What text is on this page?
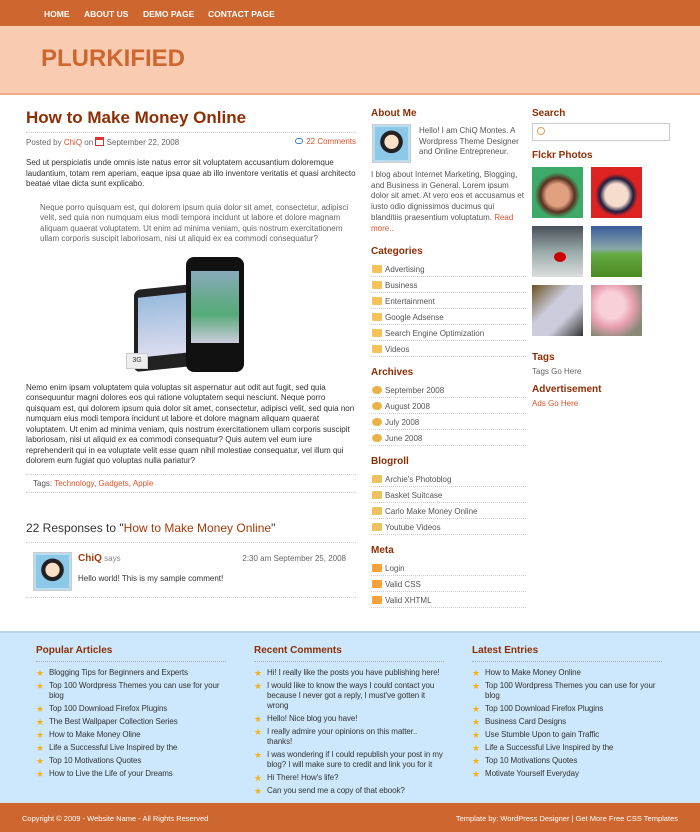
HOME ABOUT US DEMO PAGE CONTACT PAGE
PLURKIFIED
How to Make Money Online
Posted by ChiQ on September 22, 2008	22 Comments

Sed ut perspiciatis unde omnis iste natus error sit voluptatem accusantium doloremque laudantium, totam rem aperiam, eaque ipsa quae ab illo inventore veritatis et quasi architecto beatae vitae dicta sunt explicabo.

Neque porro quisquam est, qui dolorem ipsum quia dolor sit amet, consectetur, adipisci velit, sed quia non numquam eius modi tempora incidunt ut labore et dolore magnam aliquam quaerat voluptatem. Ut enim ad minima veniam, quis nostrum exercitationem ullam corporis suscipit laboriosam, nisi ut aliquid ex ea commodi consequatur?
3G

Nemo enim ipsam voluptatem quia voluptas sit aspernatur aut odit aut fugit, sed quia consequuntur magni dolores eos qui ratione voluptatem sequi nesciunt. Neque porro quisquam est, qui dolorem ipsum quia dolor sit amet, consectetur, adipisci velit, sed quia non numquam eius modi tempora incidunt ut labore et dolore magnam aliquam quaerat voluptatem. Ut enim ad minima veniam, quis nostrum exercitationem ullam corporis suscipit laboriosam, nisi ut aliquid ex ea commodi consequatur? Quis autem vel eum iure reprehenderit qui in ea voluptate velit esse quam nihil molestiae consequatur, vel illum qui dolorem eum fugiat quo voluptas nulla pariatur?

Tags: Technology, Gadgets, Apple
22 Responses to "How to Make Money Online"
ChiQ says	2:30 am September 25, 2008
Hello world! This is my sample comment!
About Me
Hello! I am ChiQ Montes. A Wordpress Theme Designer and Online Entrepreneur.
I blog about Internet Marketing, Blogging, and Business in General. Lorem ipsum dolor sit amet. At vero eos et accusamus et iusto odio dignissimos ducimus qui blanditiis praesentium voluptatum. Read more..
Categories
Advertising
Business
Entertainment
Google Adsense
Search Engine Optimization
Videos
Archives
September 2008
August 2008
July 2008
June 2008
Blogroll
Archie's Photoblog
Basket Suitcase
Carlo Make Money Online
Youtube Videos
Meta
Login
Valid CSS
Valid XHTML
Search
Flckr Photos
Tags
Tags Go Here
Advertisement
Ads Go Here
Popular Articles
★ Blogging Tips for Beginners and Experts
★ Top 100 Wordpress Themes you can use for your blog
★ Top 100 Download Firefox Plugins
★ The Best Wallpaper Collection Series
★ How to Make Money Oline
★ Life a Successful Live Inspired by the
★ Top 10 Motivations Quotes
★ How to Live the Life of your Dreams
Recent Comments
★ Hi! I really like the posts you have publishing here!
★ I would like to know the ways I could contact you because I never got a reply, I must've gotten it wrong
★ Hello! Nice blog you have!
★ I really admire your opinions on this matter.. thanks!
★ I was wondering if I could republish your post in my blog? I will make sure to credit and link you for it
★ Hi There! How's life?
★ Can you send me a copy of that ebook?
Latest Entries
★ How to Make Money Online
★ Top 100 Wordpress Themes you can use for your blog
★ Top 100 Download Firefox Plugins
★ Business Card Designs
★ Use Stumble Upon to gain Traffic
★ Life a Successful Live Inspired by the
★ Top 10 Motivations Quotes
★ Motivate Yourself Everyday
Copyright © 2009 - Website Name - All Rights Reserved	Template by: WordPress Designer | Get More Free CSS Templates
